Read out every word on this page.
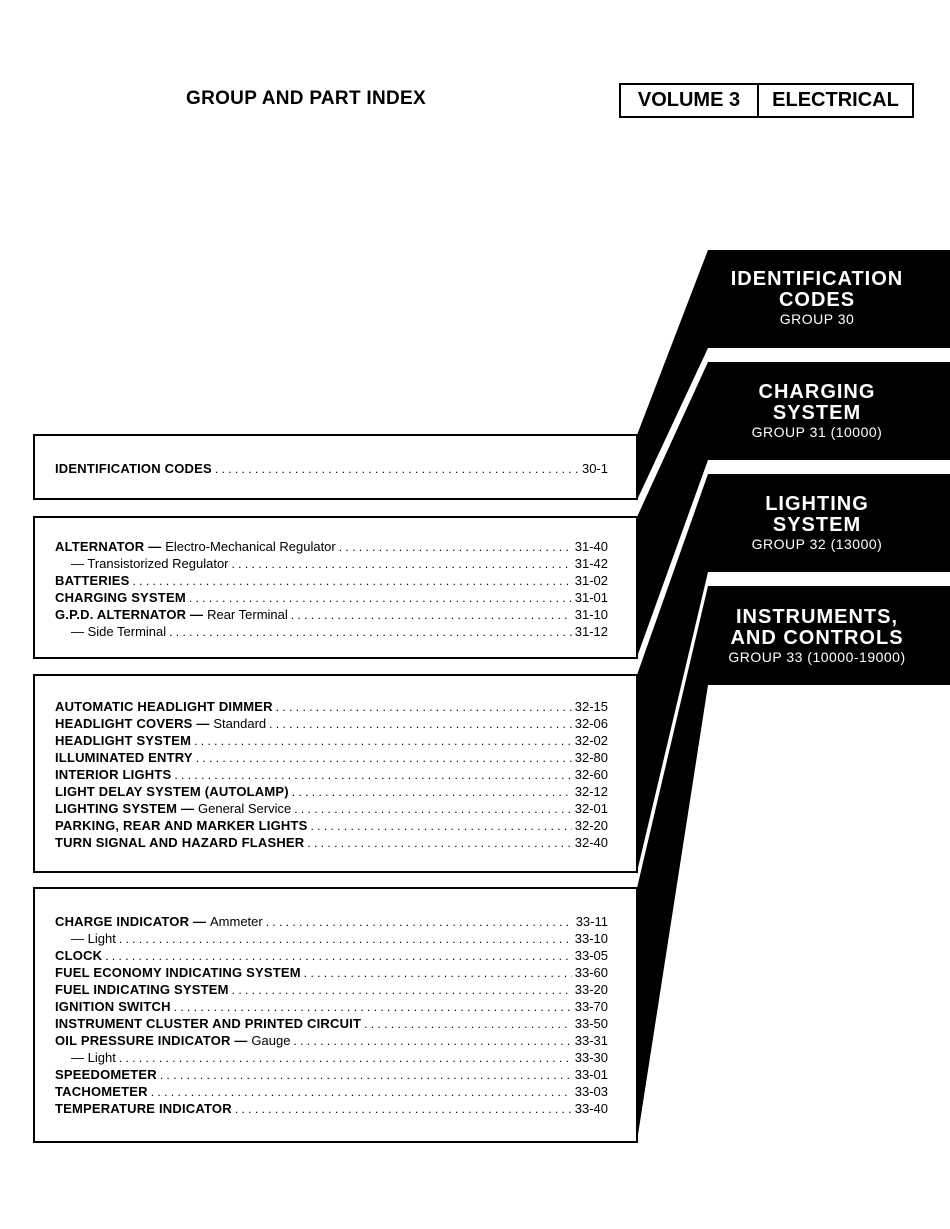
GROUP AND PART INDEX	VOLUME 3	ELECTRICAL
IDENTIFICATION
CODES
GROUP 30
CHARGING
SYSTEM
GROUP 31 (10000)
LIGHTING
SYSTEM
GROUP 32 (13000)
INSTRUMENTS,
AND CONTROLS
GROUP 33 (10000-19000)
IDENTIFICATION CODES . . .	30-1
ALTERNATOR — Electro-Mechanical Regulator . . .	31-40
— Transistorized Regulator . . .	31-42
BATTERIES . . .	31-02
CHARGING SYSTEM . . .	31-01
G.P.D. ALTERNATOR — Rear Terminal . . .	31-10
— Side Terminal . . .	31-12
AUTOMATIC HEADLIGHT DIMMER . . .	32-15
HEADLIGHT COVERS — Standard . . .	32-06
HEADLIGHT SYSTEM . . .	32-02
ILLUMINATED ENTRY . . .	32-80
INTERIOR LIGHTS . . .	32-60
LIGHT DELAY SYSTEM (AUTOLAMP) . . .	32-12
LIGHTING SYSTEM — General Service . . .	32-01
PARKING, REAR AND MARKER LIGHTS . . .	32-20
TURN SIGNAL AND HAZARD FLASHER . . .	32-40
CHARGE INDICATOR — Ammeter . . .	33-11
— Light . . .	33-10
CLOCK . . .	33-05
FUEL ECONOMY INDICATING SYSTEM . . .	33-60
FUEL INDICATING SYSTEM . . .	33-20
IGNITION SWITCH . . .	33-70
INSTRUMENT CLUSTER AND PRINTED CIRCUIT . . .	33-50
OIL PRESSURE INDICATOR — Gauge . . .	33-31
— Light . . .	33-30
SPEEDOMETER . . .	33-01
TACHOMETER . . .	33-03
TEMPERATURE INDICATOR . . .	33-40
